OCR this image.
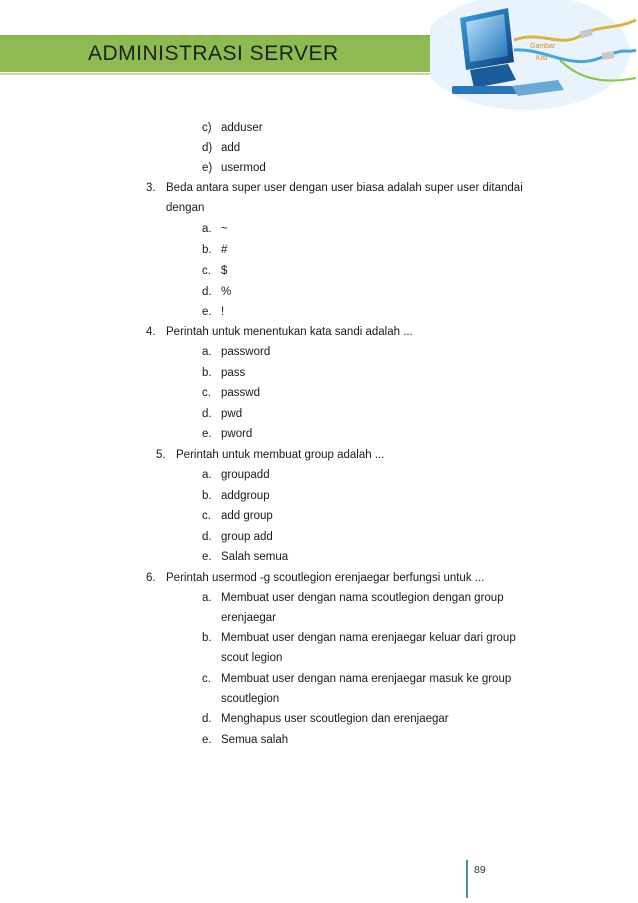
ADMINISTRASI SERVER	Gambar
Kisi
c) adduser
d) add
e) usermod
3. Beda antara super user dengan user biasa adalah super user ditandai
dengan
a. ~
b. #
c. $
d. %
e. !
4. Perintah untuk menentukan kata sandi adalah ...
a. password
b. pass
c. passwd
d. pwd
e. pword
5. Perintah untuk membuat group adalah ...
a. groupadd
b. addgroup
c. add group
d. group add
e. Salah semua
6. Perintah usermod -g scoutlegion erenjaegar berfungsi untuk ...
a. Membuat user dengan nama scoutlegion dengan group
erenjaegar
b. Membuat user dengan nama erenjaegar keluar dari group
scout legion
c. Membuat user dengan nama erenjaegar masuk ke group
scoutlegion
d. Menghapus user scoutlegion dan erenjaegar
e. Semua salah
89
